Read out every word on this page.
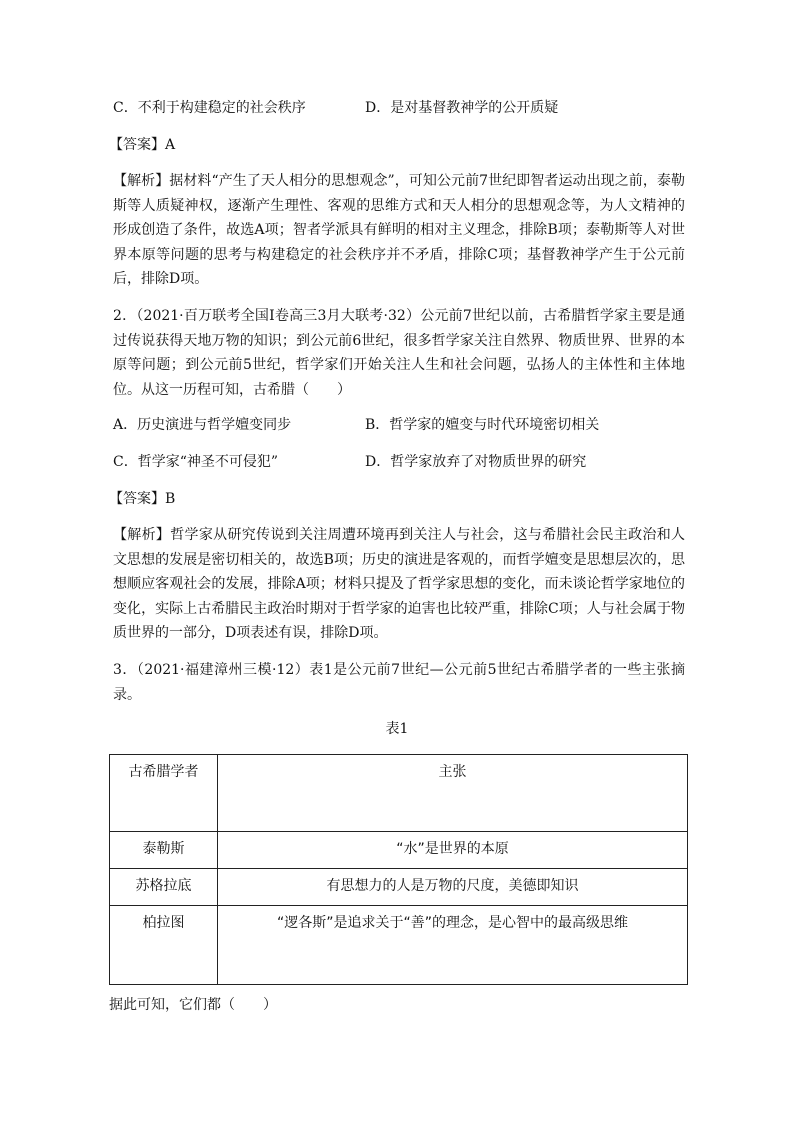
C．不利于构建稳定的社会秩序	D．是对基督教神学的公开质疑
【答案】A
【解析】据材料“产生了天人相分的思想观念”，可知公元前7世纪即智者运动出现之前，泰勒斯等人质疑神权，逐渐产生理性、客观的思维方式和天人相分的思想观念等，为人文精神的形成创造了条件，故选A项；智者学派具有鲜明的相对主义理念，排除B项；泰勒斯等人对世界本原等问题的思考与构建稳定的社会秩序并不矛盾，排除C项；基督教神学产生于公元前后，排除D项。
2．（2021·百万联考全国Ⅰ卷高三3月大联考·32）公元前7世纪以前，古希腊哲学家主要是通过传说获得天地万物的知识；到公元前6世纪，很多哲学家关注自然界、物质世界、世界的本原等问题；到公元前5世纪，哲学家们开始关注人生和社会问题，弘扬人的主体性和主体地位。从这一历程可知，古希腊（　　）
A．历史演进与哲学嬗变同步	B．哲学家的嬗变与时代环境密切相关
C．哲学家“神圣不可侵犯”	D．哲学家放弃了对物质世界的研究
【答案】B
【解析】哲学家从研究传说到关注周遭环境再到关注人与社会，这与希腊社会民主政治和人文思想的发展是密切相关的，故选B项；历史的演进是客观的，而哲学嬗变是思想层次的，思想顺应客观社会的发展，排除A项；材料只提及了哲学家思想的变化，而未谈论哲学家地位的变化，实际上古希腊民主政治时期对于哲学家的迫害也比较严重，排除C项；人与社会属于物质世界的一部分，D项表述有误，排除D项。
3．（2021·福建漳州三模·12）表1是公元前7世纪—公元前5世纪古希腊学者的一些主张摘录。
表1
古希腊学者	主张
泰勒斯	“水”是世界的本原
苏格拉底	有思想力的人是万物的尺度，美德即知识
柏拉图	“逻各斯”是追求关于“善”的理念，是心智中的最高级思维
据此可知，它们都（　　）
